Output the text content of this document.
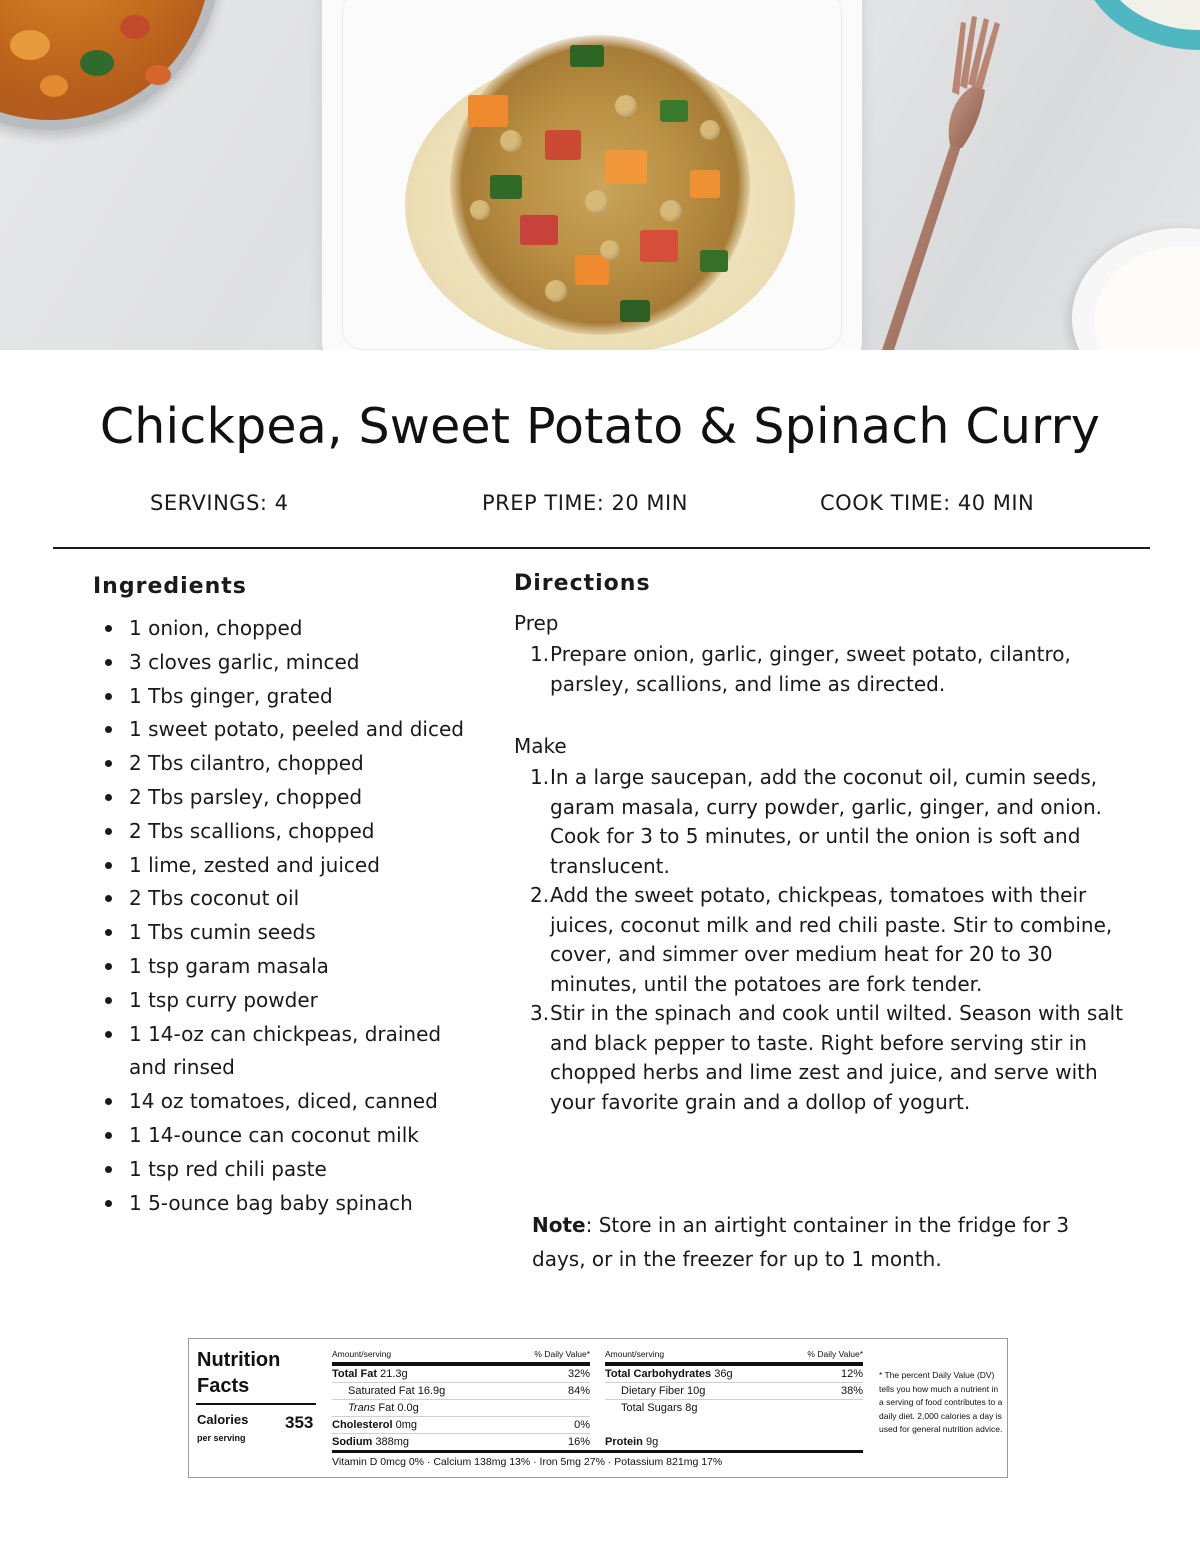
Chickpea, Sweet Potato & Spinach Curry
SERVINGS: 4	PREP TIME: 20 MIN	COOK TIME: 40 MIN
Ingredients
1 onion, chopped
3 cloves garlic, minced
1 Tbs ginger, grated
1 sweet potato, peeled and diced
2 Tbs cilantro, chopped
2 Tbs parsley, chopped
2 Tbs scallions, chopped
1 lime, zested and juiced
2 Tbs coconut oil
1 Tbs cumin seeds
1 tsp garam masala
1 tsp curry powder
1 14-oz can chickpeas, drained and rinsed
14 oz tomatoes, diced, canned
1 14-ounce can coconut milk
1 tsp red chili paste
1 5-ounce bag baby spinach
Directions
Prep
1. Prepare onion, garlic, ginger, sweet potato, cilantro, parsley, scallions, and lime as directed.
Make
1. In a large saucepan, add the coconut oil, cumin seeds, garam masala, curry powder, garlic, ginger, and onion. Cook for 3 to 5 minutes, or until the onion is soft and translucent.
2. Add the sweet potato, chickpeas, tomatoes with their juices, coconut milk and red chili paste. Stir to combine, cover, and simmer over medium heat for 20 to 30 minutes, until the potatoes are fork tender.
3. Stir in the spinach and cook until wilted. Season with salt and black pepper to taste. Right before serving stir in chopped herbs and lime zest and juice, and serve with your favorite grain and a dollop of yogurt.

Note: Store in an airtight container in the fridge for 3 days, or in the freezer for up to 1 month.

Nutrition
Facts
Calories
per serving
353
Amount/serving	% Daily Value*
Total Fat 21.3g	32%
Saturated Fat 16.9g	84%
Trans Fat 0.0g
Cholesterol 0mg	0%
Sodium 388mg	16%
Amount/serving	% Daily Value*
Total Carbohydrates 36g	12%
Dietary Fiber 10g	38%
Total Sugars 8g
Protein 9g
Vitamin D 0mcg 0% · Calcium 138mg 13% · Iron 5mg 27% · Potassium 821mg 17%
* The percent Daily Value (DV) tells you how much a nutrient in a serving of food contributes to a daily diet. 2,000 calories a day is used for general nutrition advice.
